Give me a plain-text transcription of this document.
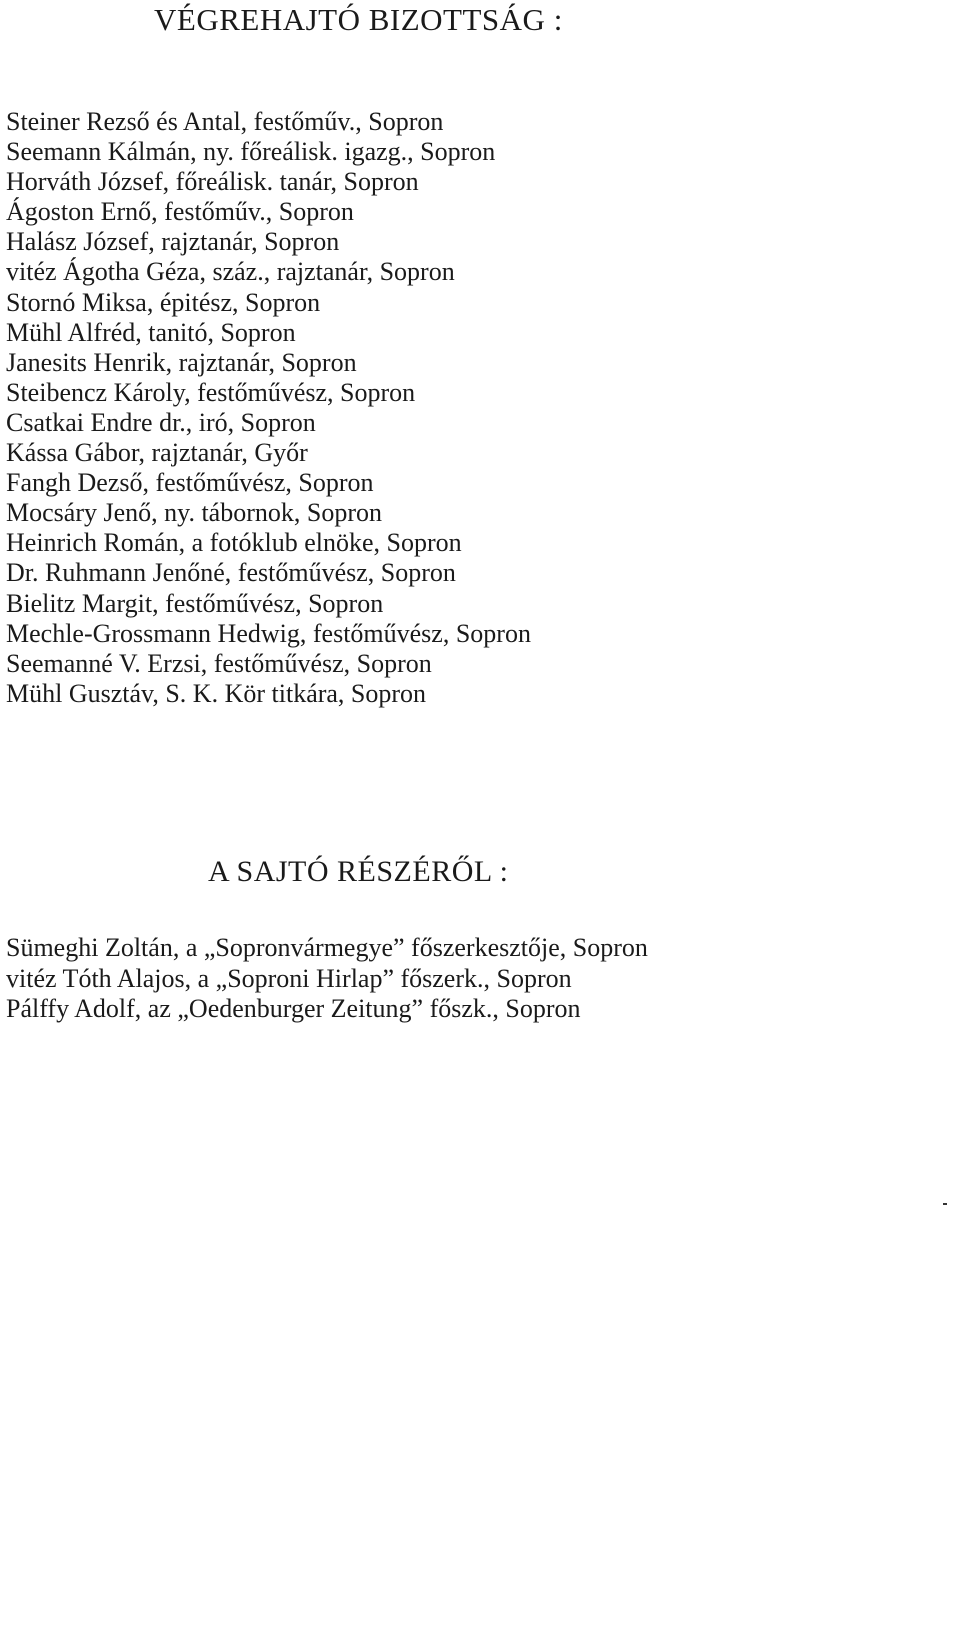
VÉGREHAJTÓ BIZOTTSÁG :
Steiner Rezső és Antal, festőműv., Sopron
Seemann Kálmán, ny. főreálisk. igazg., Sopron
Horváth József, főreálisk. tanár, Sopron
Ágoston Ernő, festőműv., Sopron
Halász József, rajztanár, Sopron
vitéz Ágotha Géza, száz., rajztanár, Sopron
Stornó Miksa, épitész, Sopron
Mühl Alfréd, tanitó, Sopron
Janesits Henrik, rajztanár, Sopron
Steibencz Károly, festőművész, Sopron
Csatkai Endre dr., iró, Sopron
Kássa Gábor, rajztanár, Győr
Fangh Dezső, festőművész, Sopron
Mocsáry Jenő, ny. tábornok, Sopron
Heinrich Román, a fotóklub elnöke, Sopron
Dr. Ruhmann Jenőné, festőművész, Sopron
Bielitz Margit, festőművész, Sopron
Mechle-Grossmann Hedwig, festőművész, Sopron
Seemanné V. Erzsi, festőművész, Sopron
Mühl Gusztáv, S. K. Kör titkára, Sopron
A SAJTÓ RÉSZÉRŐL :
Sümeghi Zoltán, a „Sopronvármegye” főszerkesztője, Sopron
vitéz Tóth Alajos, a „Soproni Hirlap” főszerk., Sopron
Pálffy Adolf, az „Oedenburger Zeitung” főszk., Sopron
